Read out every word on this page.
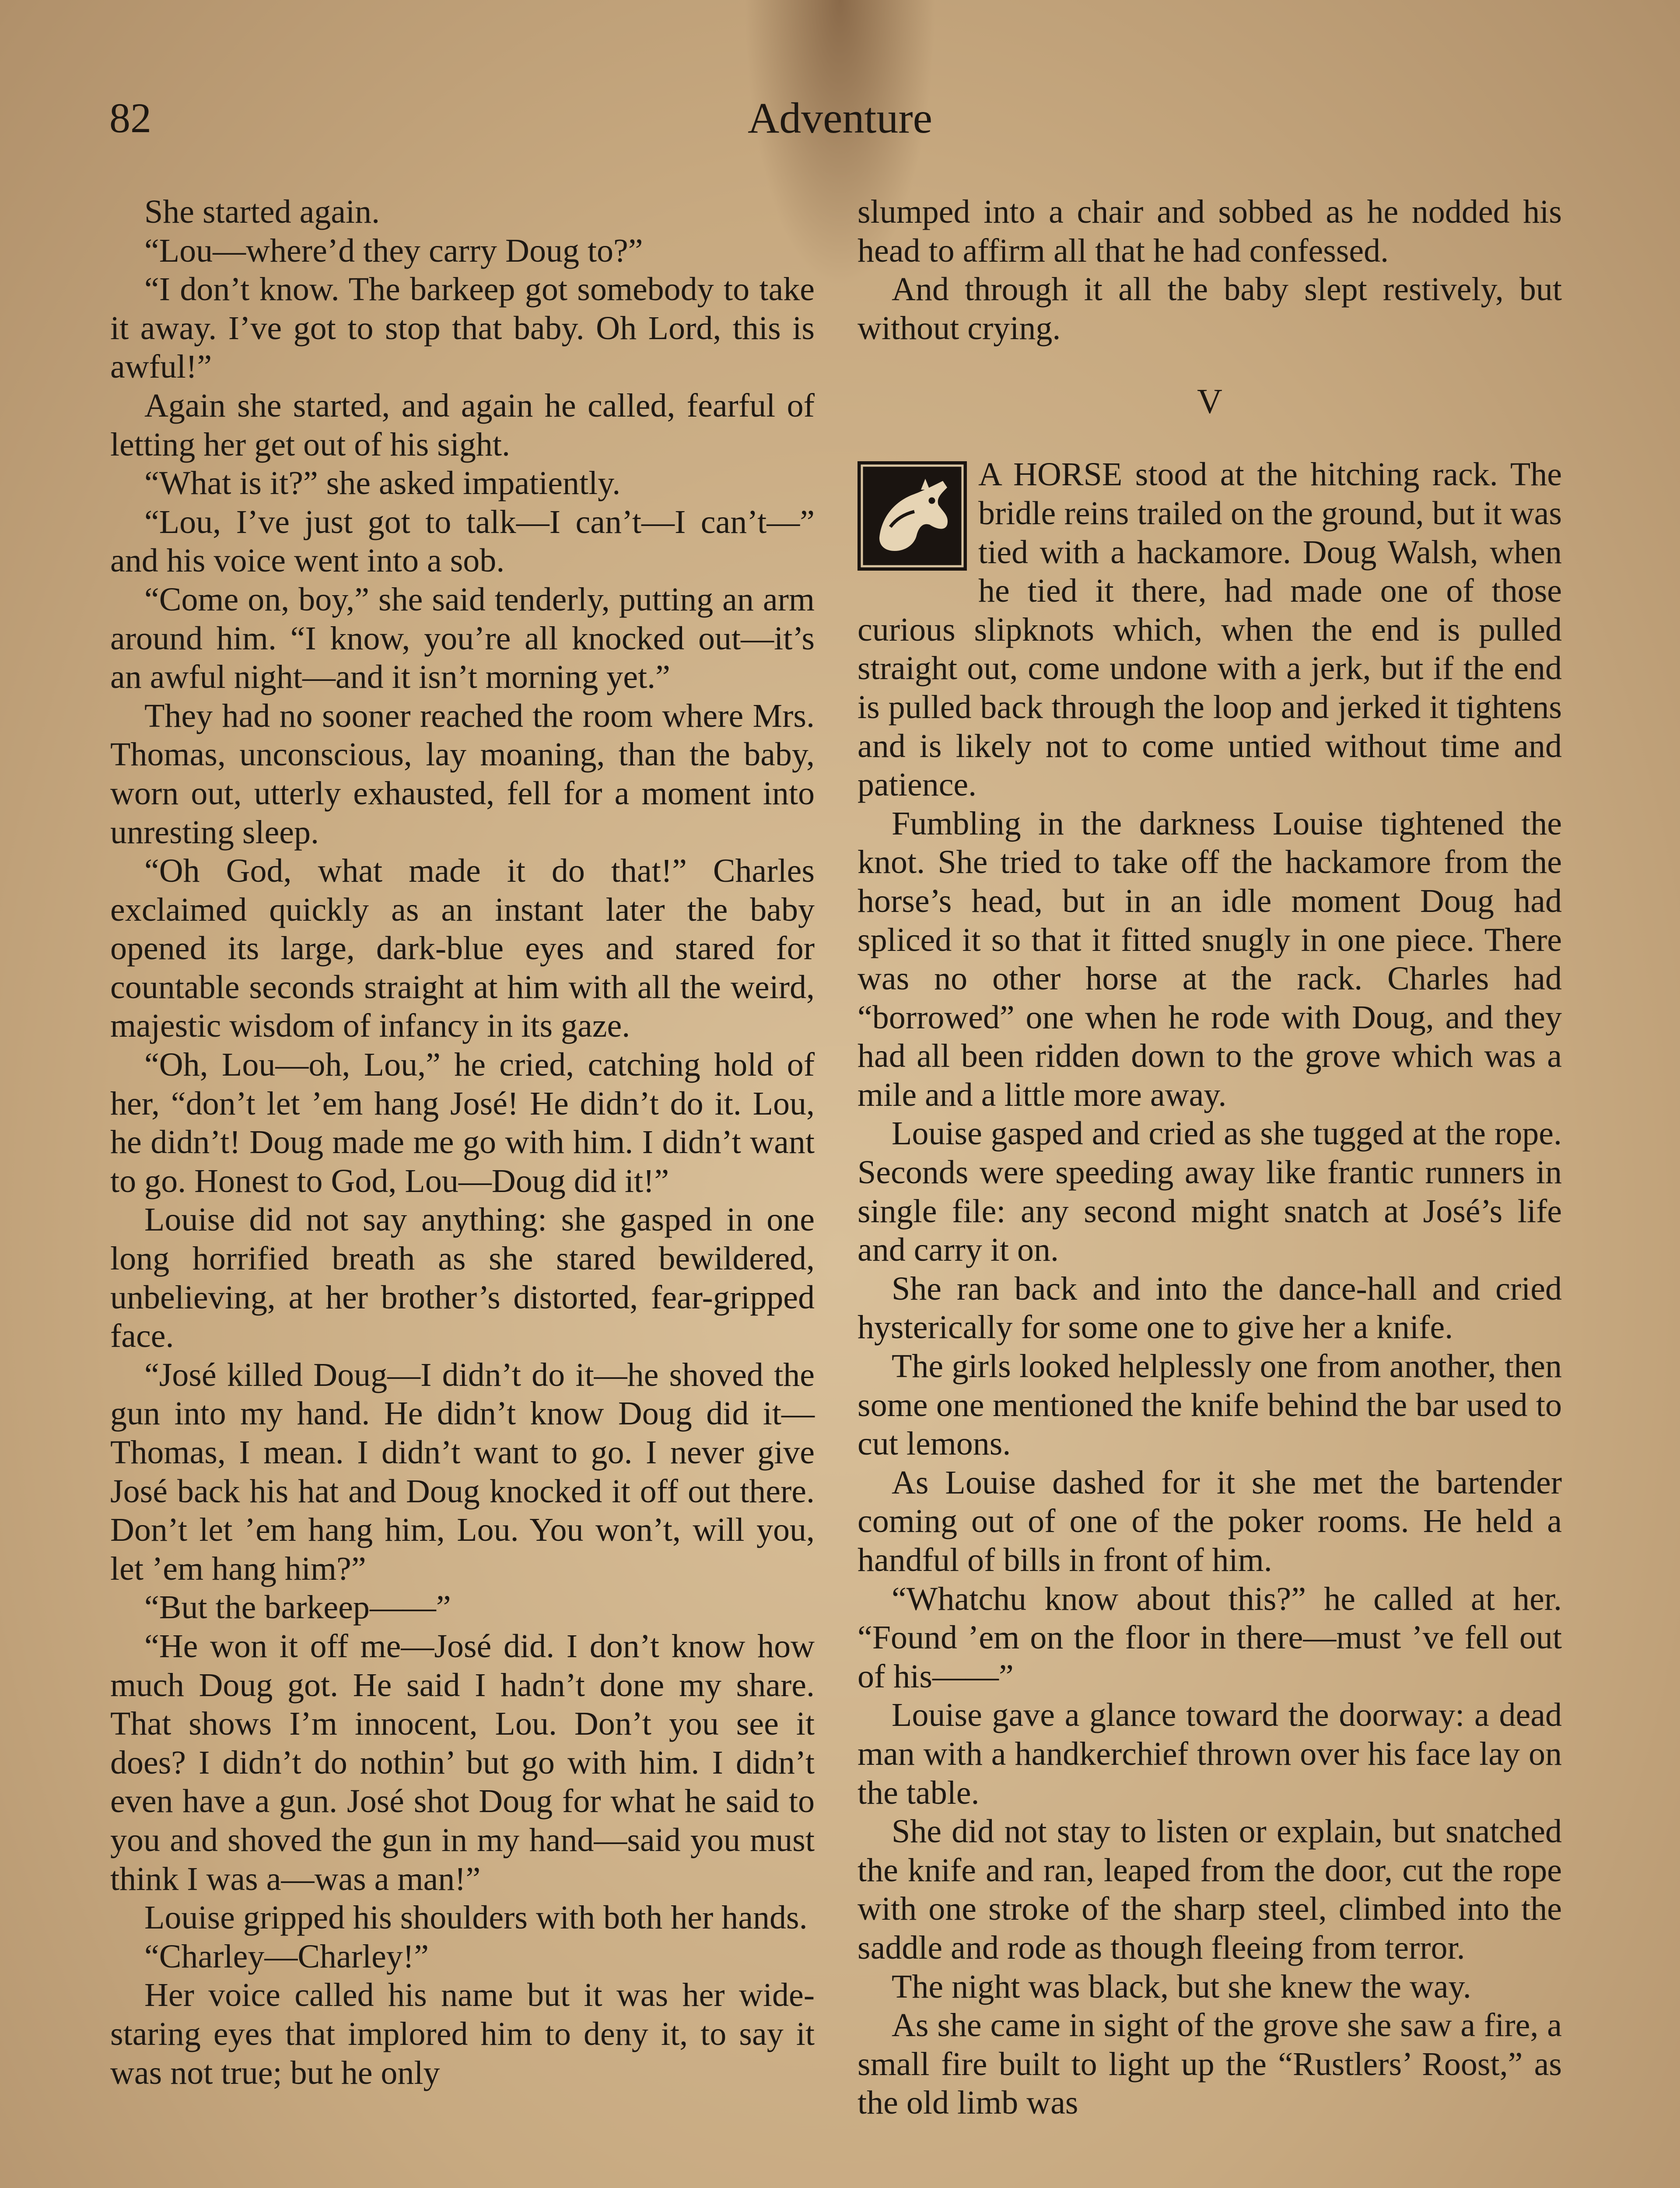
82	Adventure

She started again.

“Lou—where’d they carry Doug to?”

“I don’t know. The barkeep got somebody to take it away. I’ve got to stop that baby. Oh Lord, this is awful!”

Again she started, and again he called, fearful of letting her get out of his sight.

“What is it?” she asked impatiently.

“Lou, I’ve just got to talk—I can’t—I can’t—” and his voice went into a sob.

“Come on, boy,” she said tenderly, putting an arm around him. “I know, you’re all knocked out—it’s an awful night—and it isn’t morning yet.”

They had no sooner reached the room where Mrs. Thomas, unconscious, lay moaning, than the baby, worn out, utterly exhausted, fell for a moment into unresting sleep.

“Oh God, what made it do that!” Charles exclaimed quickly as an instant later the baby opened its large, dark-blue eyes and stared for countable seconds straight at him with all the weird, majestic wisdom of infancy in its gaze.

“Oh, Lou—oh, Lou,” he cried, catching hold of her, “don’t let ’em hang José! He didn’t do it. Lou, he didn’t! Doug made me go with him. I didn’t want to go. Honest to God, Lou—Doug did it!”

Louise did not say anything: she gasped in one long horrified breath as she stared bewildered, unbelieving, at her brother’s distorted, fear-gripped face.

“José killed Doug—I didn’t do it—he shoved the gun into my hand. He didn’t know Doug did it—Thomas, I mean. I didn’t want to go. I never give José back his hat and Doug knocked it off out there. Don’t let ’em hang him, Lou. You won’t, will you, let ’em hang him?”

“But the barkeep——”

“He won it off me—José did. I don’t know how much Doug got. He said I hadn’t done my share. That shows I’m innocent, Lou. Don’t you see it does? I didn’t do nothin’ but go with him. I didn’t even have a gun. José shot Doug for what he said to you and shoved the gun in my hand—said you must think I was a—was a man!”

Louise gripped his shoulders with both her hands.

“Charley—Charley!”

Her voice called his name but it was her wide-staring eyes that implored him to deny it, to say it was not true; but he only

slumped into a chair and sobbed as he nodded his head to affirm all that he had confessed.

And through it all the baby slept restively, but without crying.

V

A HORSE stood at the hitching rack. The bridle reins trailed on the ground, but it was tied with a hackamore. Doug Walsh, when he tied it there, had made one of those curious slipknots which, when the end is pulled straight out, come undone with a jerk, but if the end is pulled back through the loop and jerked it tightens and is likely not to come untied without time and patience.

Fumbling in the darkness Louise tightened the knot. She tried to take off the hackamore from the horse’s head, but in an idle moment Doug had spliced it so that it fitted snugly in one piece. There was no other horse at the rack. Charles had “borrowed” one when he rode with Doug, and they had all been ridden down to the grove which was a mile and a little more away.

Louise gasped and cried as she tugged at the rope. Seconds were speeding away like frantic runners in single file: any second might snatch at José’s life and carry it on.

She ran back and into the dance-hall and cried hysterically for some one to give her a knife.

The girls looked helplessly one from another, then some one mentioned the knife behind the bar used to cut lemons.

As Louise dashed for it she met the bartender coming out of one of the poker rooms. He held a handful of bills in front of him.

“Whatchu know about this?” he called at her. “Found ’em on the floor in there—must ’ve fell out of his——”

Louise gave a glance toward the doorway: a dead man with a handkerchief thrown over his face lay on the table.

She did not stay to listen or explain, but snatched the knife and ran, leaped from the door, cut the rope with one stroke of the sharp steel, climbed into the saddle and rode as though fleeing from terror.

The night was black, but she knew the way.

As she came in sight of the grove she saw a fire, a small fire built to light up the “Rustlers’ Roost,” as the old limb was
